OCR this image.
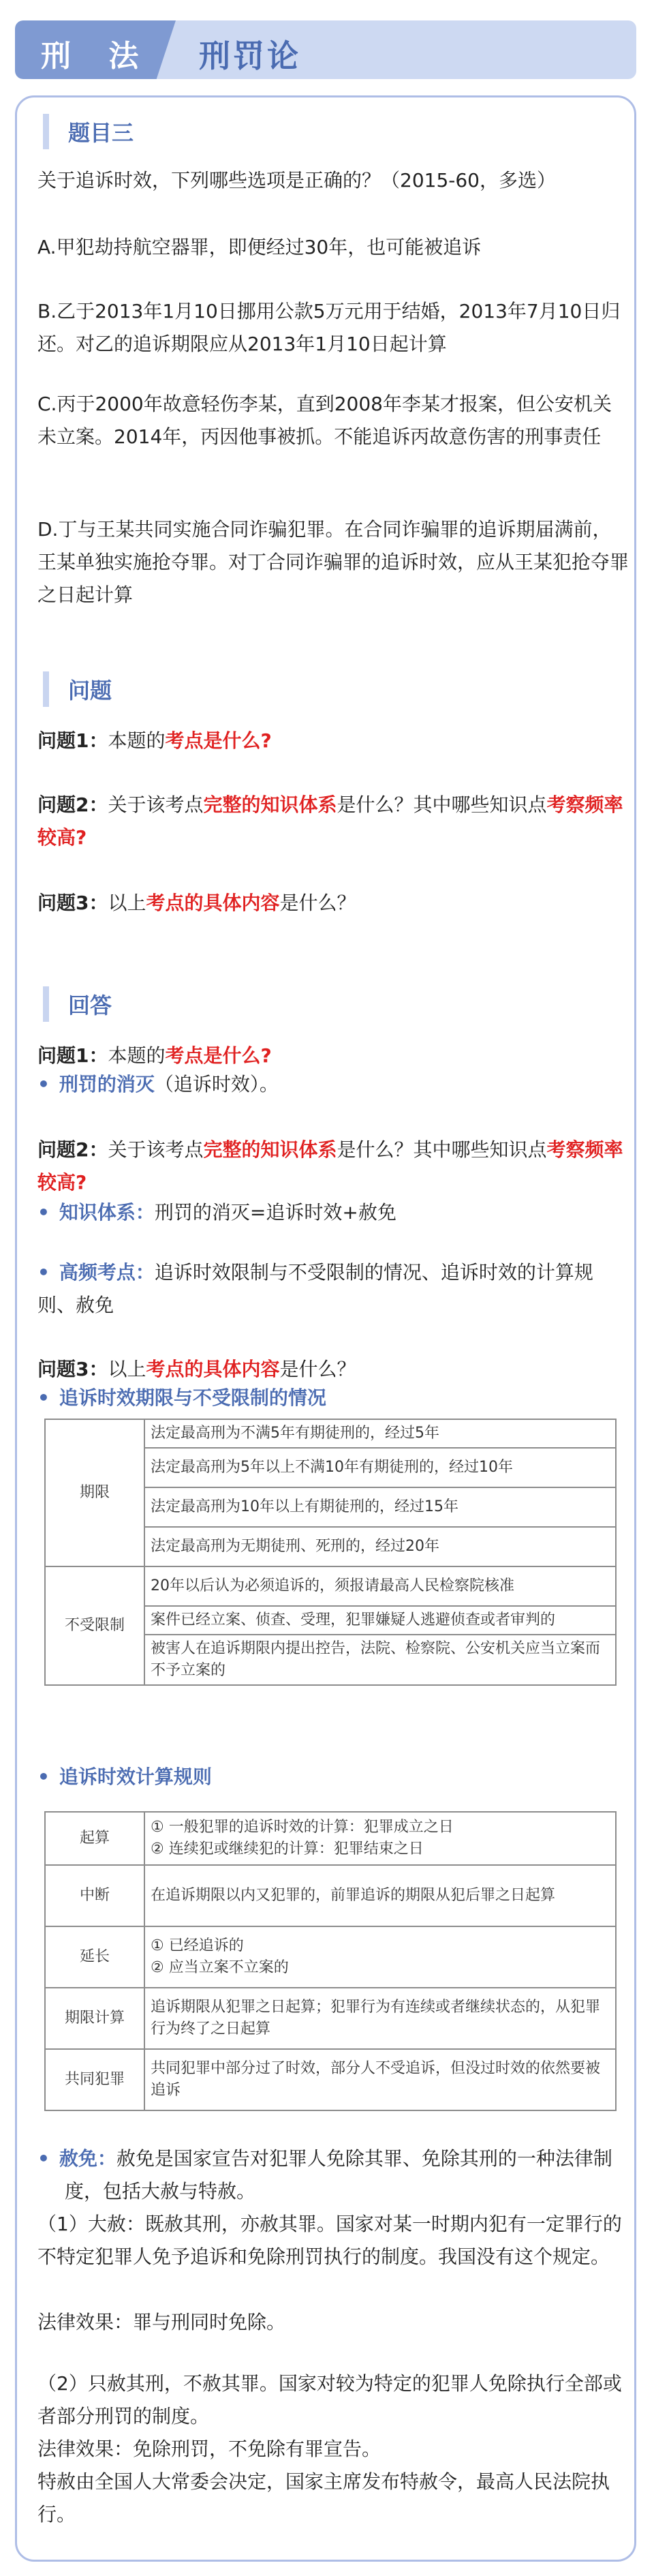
刑 法 刑罚论
题目三
关于追诉时效，下列哪些选项是正确的？（2015-60，多选）
A.甲犯劫持航空器罪，即便经过30年，也可能被追诉
B.乙于2013年1月10日挪用公款5万元用于结婚，2013年7月10日归还。对乙的追诉期限应从2013年1月10日起计算
C.丙于2000年故意轻伤李某，直到2008年李某才报案，但公安机关未立案。2014年，丙因他事被抓。不能追诉丙故意伤害的刑事责任
D.丁与王某共同实施合同诈骗犯罪。在合同诈骗罪的追诉期届满前，王某单独实施抢夺罪。对丁合同诈骗罪的追诉时效，应从王某犯抢夺罪之日起计算
问题
问题1：本题的考点是什么?
问题2：关于该考点完整的知识体系是什么？其中哪些知识点考察频率较高?
问题3：以上考点的具体内容是什么？
回答
问题1：本题的考点是什么?
• 刑罚的消灭（追诉时效）。
问题2：关于该考点完整的知识体系是什么？其中哪些知识点考察频率较高?
• 知识体系：刑罚的消灭=追诉时效+赦免
• 高频考点：追诉时效限制与不受限制的情况、追诉时效的计算规则、赦免
问题3：以上考点的具体内容是什么？
• 追诉时效期限与不受限制的情况
期限	法定最高刑为不满5年有期徒刑的，经过5年
	法定最高刑为5年以上不满10年有期徒刑的，经过10年
	法定最高刑为10年以上有期徒刑的，经过15年
	法定最高刑为无期徒刑、死刑的，经过20年
不受限制	20年以后认为必须追诉的，须报请最高人民检察院核准
	案件已经立案、侦查、受理，犯罪嫌疑人逃避侦查或者审判的
	被害人在追诉期限内提出控告，法院、检察院、公安机关应当立案而不予立案的
• 追诉时效计算规则
起算	① 一般犯罪的追诉时效的计算：犯罪成立之日
② 连续犯或继续犯的计算：犯罪结束之日

中断	在追诉期限以内又犯罪的，前罪追诉的期限从犯后罪之日起算

延长	① 已经追诉的
② 应当立案不立案的

期限计算	追诉期限从犯罪之日起算；犯罪行为有连续或者继续状态的，从犯罪行为终了之日起算

共同犯罪	共同犯罪中部分过了时效，部分人不受追诉，但没过时效的依然要被追诉
• 赦免：赦免是国家宣告对犯罪人免除其罪、免除其刑的一种法律制度，包括大赦与特赦。
（1）大赦：既赦其刑，亦赦其罪。国家对某一时期内犯有一定罪行的不特定犯罪人免予追诉和免除刑罚执行的制度。我国没有这个规定。
法律效果：罪与刑同时免除。
（2）只赦其刑，不赦其罪。国家对较为特定的犯罪人免除执行全部或者部分刑罚的制度。
法律效果：免除刑罚，不免除有罪宣告。
特赦由全国人大常委会决定，国家主席发布特赦令，最高人民法院执行。
